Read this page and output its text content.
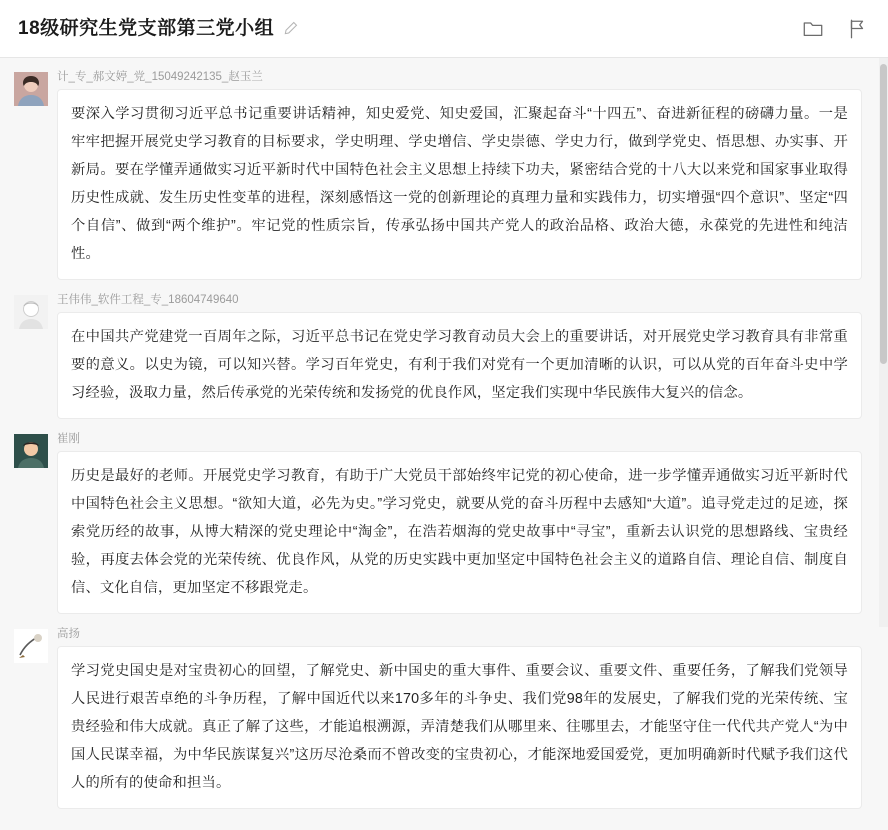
18级研究生党支部第三党小组
计_专_郝文婷_党_15049242135_赵玉兰
要深入学习贯彻习近平总书记重要讲话精神，知史爱党、知史爱国，汇聚起奋斗“十四五”、奋进新征程的磅礴力量。一是牢牢把握开展党史学习教育的目标要求，学史明理、学史增信、学史崇德、学史力行，做到学党史、悟思想、办实事、开新局。要在学懂弄通做实习近平新时代中国特色社会主义思想上持续下功夫，紧密结合党的十八大以来党和国家事业取得历史性成就、发生历史性变革的进程，深刻感悟这一党的创新理论的真理力量和实践伟力，切实增强“四个意识”、坚定“四个自信”、做到“两个维护”。牢记党的性质宗旨，传承弘扬中国共产党人的政治品格、政治大德，永葆党的先进性和纯洁性。
王伟伟_软件工程_专_18604749640
在中国共产党建党一百周年之际，习近平总书记在党史学习教育动员大会上的重要讲话，对开展党史学习教育具有非常重要的意义。以史为镜，可以知兴替。学习百年党史，有利于我们对党有一个更加清晰的认识，可以从党的百年奋斗史中学习经验，汲取力量，然后传承党的光荣传统和发扬党的优良作风，坚定我们实现中华民族伟大复兴的信念。
崔刚
历史是最好的老师。开展党史学习教育，有助于广大党员干部始终牢记党的初心使命，进一步学懂弄通做实习近平新时代中国特色社会主义思想。“欲知大道，必先为史。”学习党史，就要从党的奋斗历程中去感知“大道”。追寻党走过的足迹，探索党历经的故事，从博大精深的党史理论中“淘金”，在浩若烟海的党史故事中“寻宝”，重新去认识党的思想路线、宝贵经验，再度去体会党的光荣传统、优良作风，从党的历史实践中更加坚定中国特色社会主义的道路自信、理论自信、制度自信、文化自信，更加坚定不移跟党走。
高扬
学习党史国史是对宝贵初心的回望，了解党史、新中国史的重大事件、重要会议、重要文件、重要任务，了解我们党领导人民进行艰苦卓绝的斗争历程，了解中国近代以来170多年的斗争史、我们党98年的发展史，了解我们党的光荣传统、宝贵经验和伟大成就。真正了解了这些，才能追根溯源，弄清楚我们从哪里来、往哪里去，才能坚守住一代代共产党人“为中国人民谋幸福，为中华民族谋复兴”这历尽沧桑而不曾改变的宝贵初心，才能深地爱国爱党，更加明确新时代赋予我们这代人的所有的使命和担当。
